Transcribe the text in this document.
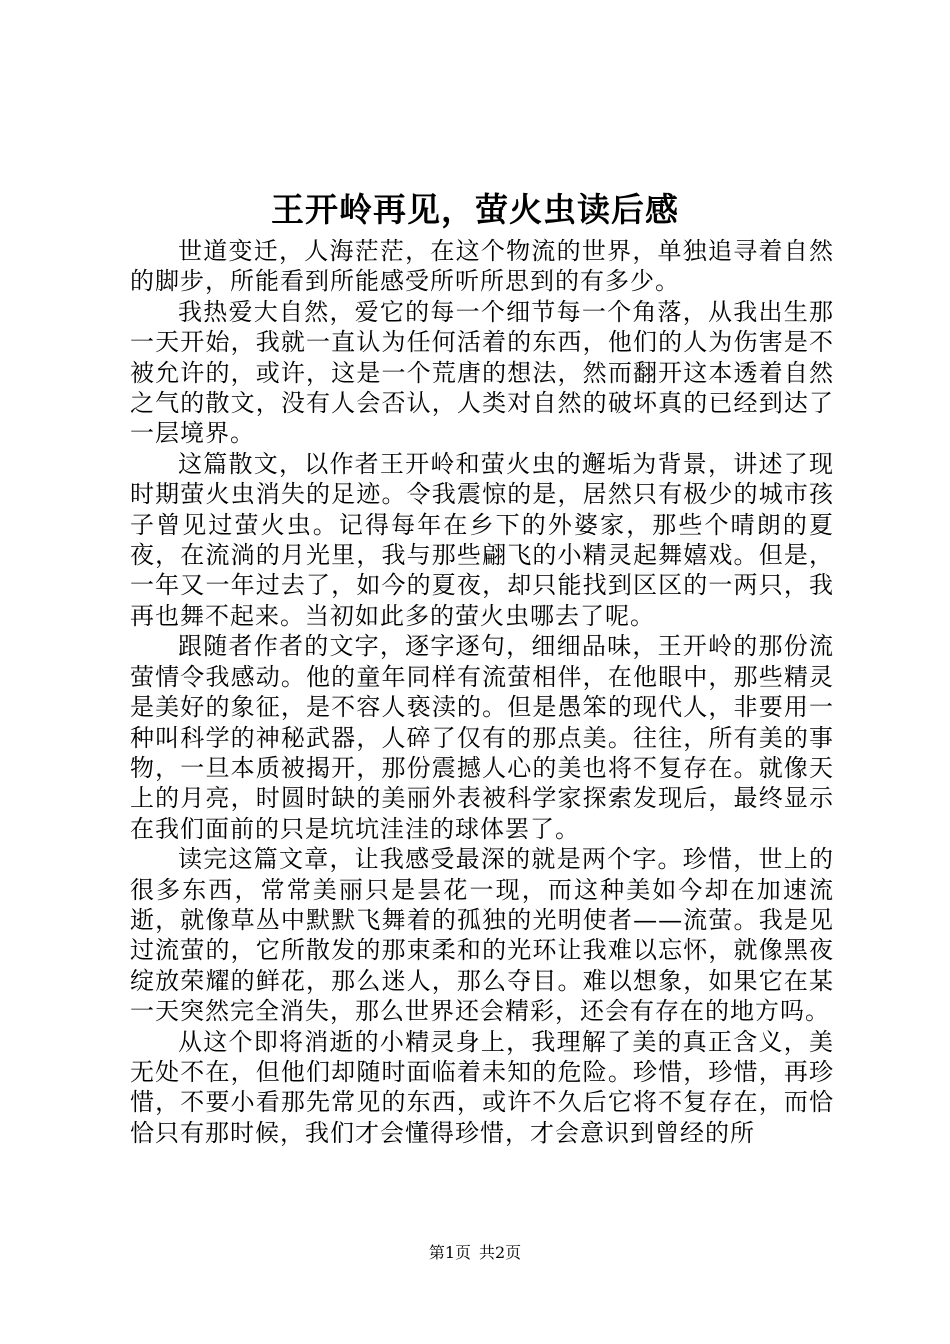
王开岭再见，萤火虫读后感

世道变迁，人海茫茫，在这个物流的世界，单独追寻着自然的脚步，所能看到所能感受所听所思到的有多少。

我热爱大自然，爱它的每一个细节每一个角落，从我出生那一天开始，我就一直认为任何活着的东西，他们的人为伤害是不被允许的，或许，这是一个荒唐的想法，然而翻开这本透着自然之气的散文，没有人会否认，人类对自然的破坏真的已经到达了一层境界。

这篇散文，以作者王开岭和萤火虫的邂垢为背景，讲述了现时期萤火虫消失的足迹。令我震惊的是，居然只有极少的城市孩子曾见过萤火虫。记得每年在乡下的外婆家，那些个晴朗的夏夜，在流淌的月光里，我与那些翩飞的小精灵起舞嬉戏。但是，一年又一年过去了，如今的夏夜，却只能找到区区的一两只，我再也舞不起来。当初如此多的萤火虫哪去了呢。

跟随者作者的文字，逐字逐句，细细品味，王开岭的那份流萤情令我感动。他的童年同样有流萤相伴，在他眼中，那些精灵是美好的象征，是不容人亵渎的。但是愚笨的现代人，非要用一种叫科学的神秘武器，人碎了仅有的那点美。往往，所有美的事物，一旦本质被揭开，那份震撼人心的美也将不复存在。就像天上的月亮，时圆时缺的美丽外表被科学家探索发现后，最终显示在我们面前的只是坑坑洼洼的球体罢了。

读完这篇文章，让我感受最深的就是两个字。珍惜，世上的很多东西，常常美丽只是昙花一现，而这种美如今却在加速流逝，就像草丛中默默飞舞着的孤独的光明使者——流萤。我是见过流萤的，它所散发的那束柔和的光环让我难以忘怀，就像黑夜绽放荣耀的鲜花，那么迷人，那么夺目。难以想象，如果它在某一天突然完全消失，那么世界还会精彩，还会有存在的地方吗。

从这个即将消逝的小精灵身上，我理解了美的真正含义，美无处不在，但他们却随时面临着未知的危险。珍惜，珍惜，再珍惜，不要小看那先常见的东西，或许不久后它将不复存在，而恰恰只有那时候，我们才会懂得珍惜，才会意识到曾经的所

第1页 共2页
